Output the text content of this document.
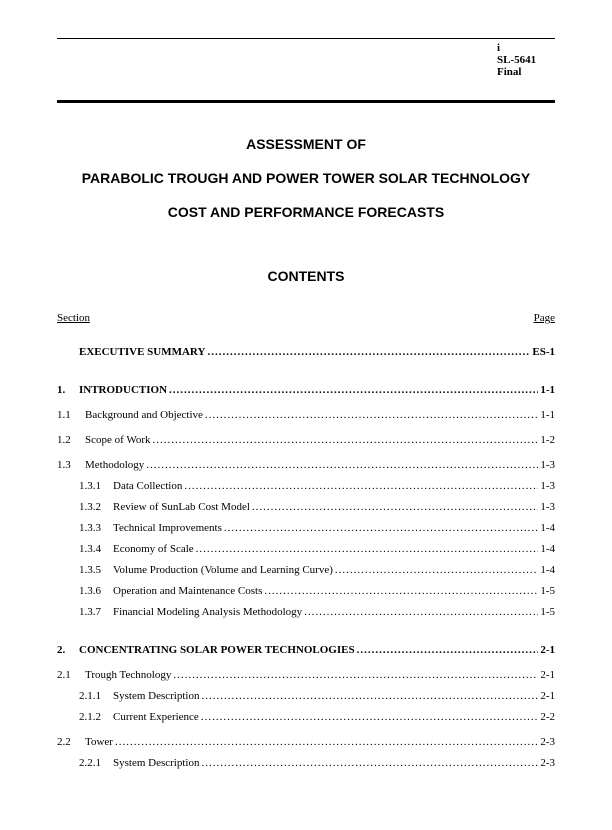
i
SL-5641
Final
ASSESSMENT OF
PARABOLIC TROUGH AND POWER TOWER SOLAR TECHNOLOGY
COST AND PERFORMANCE FORECASTS
CONTENTS
Section	Page
EXECUTIVE SUMMARY .....	ES-1
1.	INTRODUCTION .....	1-1
1.1	Background and Objective .....	1-1
1.2	Scope of Work .....	1-2
1.3	Methodology .....	1-3
1.3.1	Data Collection .....	1-3
1.3.2	Review of SunLab Cost Model .....	1-3
1.3.3	Technical Improvements .....	1-4
1.3.4	Economy of Scale .....	1-4
1.3.5	Volume Production (Volume and Learning Curve) .....	1-4
1.3.6	Operation and Maintenance Costs .....	1-5
1.3.7	Financial Modeling Analysis Methodology .....	1-5
2.	CONCENTRATING SOLAR POWER TECHNOLOGIES .....	2-1
2.1	Trough Technology .....	2-1
2.1.1	System Description .....	2-1
2.1.2	Current Experience .....	2-2
2.2	Tower .....	2-3
2.2.1	System Description .....	2-3
